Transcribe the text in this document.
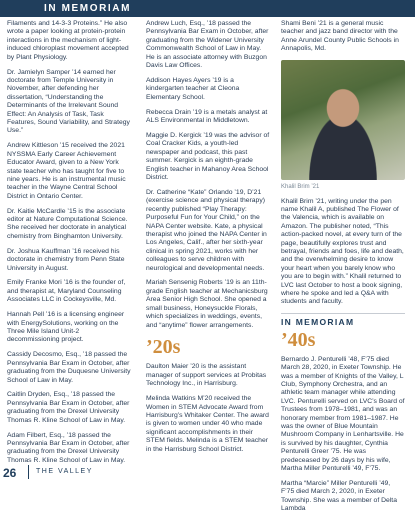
IN MEMORIAM

Filaments and 14-3-3 Proteins.” He also wrote a paper looking at protein-protein interactions in the mechanism of light-induced chloroplast movement accepted by Plant Physiology.

Dr. Jamielyn Samper ’14 earned her doctorate from Temple University in November, after defending her dissertation, “Understanding the Determinants of the Irrelevant Sound Effect: An Analysis of Task, Task Features, Sound Variability, and Strategy Use.”

Andrew Kittleson ’15 received the 2021 NYSSMA Early Career Achievement Educator Award, given to a New York state teacher who has taught for five to nine years. He is an instrumental music teacher in the Wayne Central School District in Ontario Center.

Dr. Kaitie McCardle ’15 is the associate editor at Nature Computational Science. She received her doctorate in analytical chemistry from Binghamton University.

Dr. Joshua Kauffman ’16 received his doctorate in chemistry from Penn State University in August.

Emily Franke Mori ’16 is the founder of, and therapist at, Maryland Counseling Associates LLC in Cockeysville, Md.

Hannah Pell ’16 is a licensing engineer with EnergySolutions, working on the Three Mile Island Unit-2 decommissioning project.

Cassidy Decosmo, Esq., ’18 passed the Pennsylvania Bar Exam in October, after graduating from the Duquesne University School of Law in May.

Caitlin Dryden, Esq., ’18 passed the Pennsylvania Bar Exam in October, after graduating from the Drexel University Thomas R. Kline School of Law in May.

Adam Filbert, Esq., ’18 passed the Pennsylvania Bar Exam in October, after graduating from the Drexel University Thomas R. Kline School of Law in May.

Andrew Luch, Esq., ’18 passed the Pennsylvania Bar Exam in October, after graduating from the Widener University Commonwealth School of Law in May. He is an associate attorney with Buzgon Davis Law Offices.

Addison Hayes Ayers ’19 is a kindergarten teacher at Cleona Elementary School.

Rebecca Drain ’19 is a metals analyst at ALS Environmental in Middletown.

Maggie D. Kergick ’19 was the advisor of Coal Cracker Kids, a youth-led newspaper and podcast, this past summer. Kergick is an eighth-grade English teacher in Mahanoy Area School District.

Dr. Catherine “Kate” Orlando ’19, D’21 (exercise science and physical therapy) recently published “Play Therapy: Purposeful Fun for Your Child,” on the NAPA Center website. Kate, a physical therapist who joined the NAPA Center in Los Angeles, Calif., after her sixth-year clinical in spring 2021, works with her colleagues to serve children with neurological and developmental needs.

Mariah Sensenig Roberts ’19 is an 11th-grade English teacher at Mechanicsburg Area Senior High School. She opened a small business, Honeysuckle Florals, which specializes in weddings, events, and “anytime” flower arrangements.

’20s

Daulton Maier ’20 is the assistant manager of support services at Probitas Technology Inc., in Harrisburg.

Melinda Watkins M’20 received the Women in STEM Advocate Award from Harrisburg’s Whitaker Center. The award is given to women under 40 who made significant accomplishments in their STEM fields. Melinda is a STEM teacher in the Harrisburg School District.

Shami Beni ’21 is a general music teacher and jazz band director with the Anne Arundel County Public Schools in Annapolis, Md.

Khalil Brim ’21

Khalil Brim ’21, writing under the pen name Khalil A, published The Flower of the Valencia, which is available on Amazon. The publisher noted, “This action-packed novel, at every turn of the page, beautifully explores trust and betrayal, friends and foes, life and death, and the overwhelming desire to know your heart when you barely know who you are to begin with.” Khalil returned to LVC last October to host a book signing, where he spoke and led a Q&A with students and faculty.

IN MEMORIAM
’40s

Bernardo J. Penturelli ’48, F’75 died March 28, 2020, in Exeter Township. He was a member of Knights of the Valley, L Club, Symphony Orchestra, and an athletic team manager while attending LVC. Penturelli served on LVC’s Board of Trustees from 1978–1981, and was an honorary member from 1981–1987. He was the owner of Blue Mountain Mushroom Company in Lenhartsville. He is survived by his daughter, Cynthia Penturelli Greer ’75. He was predeceased by 26 days by his wife, Martha Miller Penturelli ’49, F’75.

Martha “Marcie” Miller Penturelli ’49, F’75 died March 2, 2020, in Exeter Township. She was a member of Delta Lambda

26	THE VALLEY
